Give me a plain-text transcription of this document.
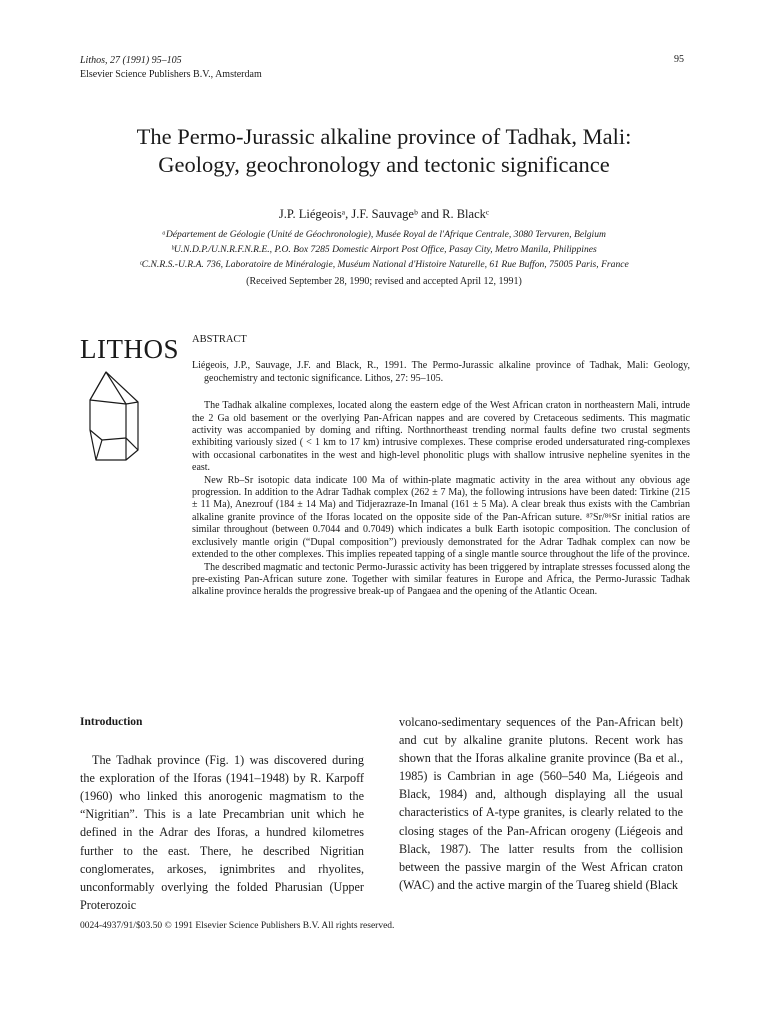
Lithos, 27 (1991) 95–105
Elsevier Science Publishers B.V., Amsterdam
95
The Permo-Jurassic alkaline province of Tadhak, Mali:
Geology, geochronology and tectonic significance
J.P. Liégeoisᵃ, J.F. Sauvageᵇ and R. Blackᶜ
ᵃDépartement de Géologie (Unité de Géochronologie), Musée Royal de l'Afrique Centrale, 3080 Tervuren, Belgium
ᵇU.N.D.P./U.N.R.F.N.R.E., P.O. Box 7285 Domestic Airport Post Office, Pasay City, Metro Manila, Philippines
ᶜC.N.R.S.-U.R.A. 736, Laboratoire de Minéralogie, Muséum National d'Histoire Naturelle, 61 Rue Buffon, 75005 Paris, France
(Received September 28, 1990; revised and accepted April 12, 1991)
LITHOS ABSTRACT

Liégeois, J.P., Sauvage, J.F. and Black, R., 1991. The Permo-Jurassic alkaline province of Tadhak, Mali: Geology, geochemistry and tectonic significance. Lithos, 27: 95–105.

The Tadhak alkaline complexes, located along the eastern edge of the West African craton in northeastern Mali, intrude the 2 Ga old basement or the overlying Pan-African nappes and are covered by Cretaceous sediments. This magmatic activity was accompanied by doming and rifting. Northnortheast trending normal faults define two crustal segments exhibiting variously sized ( < 1 km to 17 km) intrusive complexes. These comprise eroded undersaturated ring-complexes with occasional carbonatites in the west and high-level phonolitic plugs with shallow intrusive nepheline syenites in the east.

New Rb–Sr isotopic data indicate 100 Ma of within-plate magmatic activity in the area without any obvious age progression. In addition to the Adrar Tadhak complex (262 ± 7 Ma), the following intrusions have been dated: Tirkine (215 ± 11 Ma), Anezrouf (184 ± 14 Ma) and Tidjerazraze-In Imanal (161 ± 5 Ma). A clear break thus exists with the Cambrian alkaline granite province of the Iforas located on the opposite side of the Pan-African suture. ⁸⁷Sr/⁸⁶Sr initial ratios are similar throughout (between 0.7044 and 0.7049) which indicates a bulk Earth isotopic composition. The conclusion of exclusively mantle origin (“Dupal composition”) previously demonstrated for the Adrar Tadhak complex can now be extended to the other complexes. This implies repeated tapping of a single mantle source throughout the life of the province.

The described magmatic and tectonic Permo-Jurassic activity has been triggered by intraplate stresses focussed along the pre-existing Pan-African suture zone. Together with similar features in Europe and Africa, the Permo-Jurassic Tadhak alkaline province heralds the progressive break-up of Pangaea and the opening of the Atlantic Ocean.

Introduction

The Tadhak province (Fig. 1) was discovered during the exploration of the Iforas (1941–1948) by R. Karpoff (1960) who linked this anorogenic magmatism to the “Nigritian”. This is a late Precambrian unit which he defined in the Adrar des Iforas, a hundred kilometres further to the east. There, he described Nigritian conglomerates, arkoses, ignimbrites and rhyolites, unconformably overlying the folded Pharusian (Upper Proterozoic

volcano-sedimentary sequences of the Pan-African belt) and cut by alkaline granite plutons. Recent work has shown that the Iforas alkaline granite province (Ba et al., 1985) is Cambrian in age (560–540 Ma, Liégeois and Black, 1984) and, although displaying all the usual characteristics of A-type granites, is clearly related to the closing stages of the Pan-African orogeny (Liégeois and Black, 1987). The latter results from the collision between the passive margin of the West African craton (WAC) and the active margin of the Tuareg shield (Black

0024-4937/91/$03.50 © 1991 Elsevier Science Publishers B.V. All rights reserved.
